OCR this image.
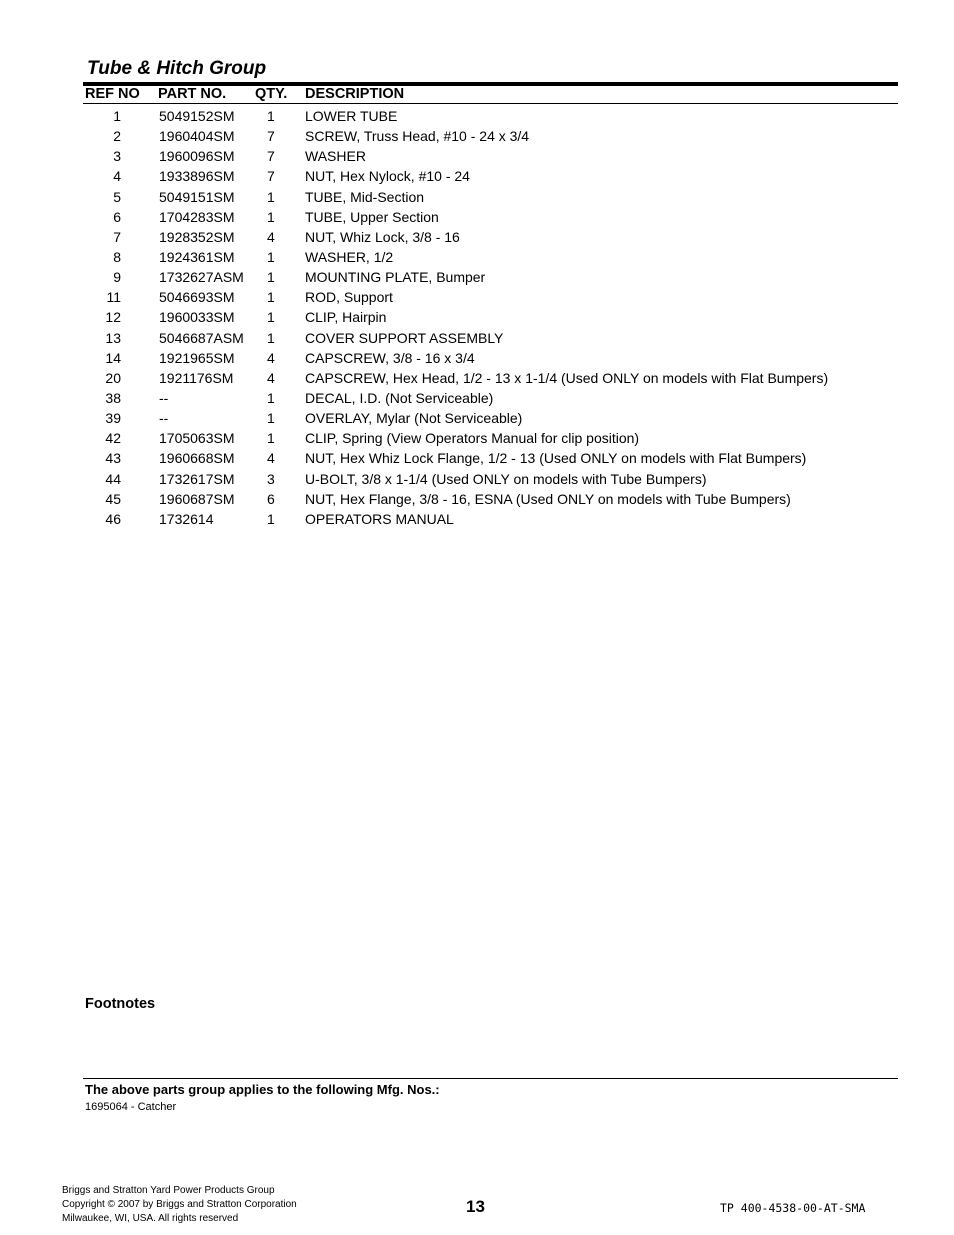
Tube & Hitch Group
REF NO PART NO. QTY. DESCRIPTION
1	5049152SM 1 LOWER TUBE
2	1960404SM 7 SCREW, Truss Head, #10 - 24 x 3/4
3	1960096SM 7 WASHER
4	1933896SM 7 NUT, Hex Nylock, #10 - 24
5	5049151SM 1 TUBE, Mid-Section
6	1704283SM 1 TUBE, Upper Section
7	1928352SM 4 NUT, Whiz Lock, 3/8 - 16
8	1924361SM 1 WASHER, 1/2
9	1732627ASM 1 MOUNTING PLATE, Bumper
11	5046693SM 1 ROD, Support
12	1960033SM 1 CLIP, Hairpin
13	5046687ASM 1 COVER SUPPORT ASSEMBLY
14	1921965SM 4 CAPSCREW, 3/8 - 16 x 3/4
20	1921176SM 4 CAPSCREW, Hex Head, 1/2 - 13 x 1-1/4 (Used ONLY on models with Flat Bumpers)
38	--	1 DECAL, I.D. (Not Serviceable)
39	--	1 OVERLAY, Mylar (Not Serviceable)
42	1705063SM 1 CLIP, Spring (View Operators Manual for clip position)
43	1960668SM 4 NUT, Hex Whiz Lock Flange, 1/2 - 13 (Used ONLY on models with Flat Bumpers)
44	1732617SM 3 U-BOLT, 3/8 x 1-1/4 (Used ONLY on models with Tube Bumpers)
45	1960687SM 6 NUT, Hex Flange, 3/8 - 16, ESNA (Used ONLY on models with Tube Bumpers)
46	1732614	1 OPERATORS MANUAL
Footnotes
The above parts group applies to the following Mfg. Nos.:
1695064 - Catcher
Briggs and Stratton Yard Power Products Group
Copyright © 2007 by Briggs and Stratton Corporation
Milwaukee, WI, USA. All rights reserved
13	TP 400-4538-00-AT-SMA
